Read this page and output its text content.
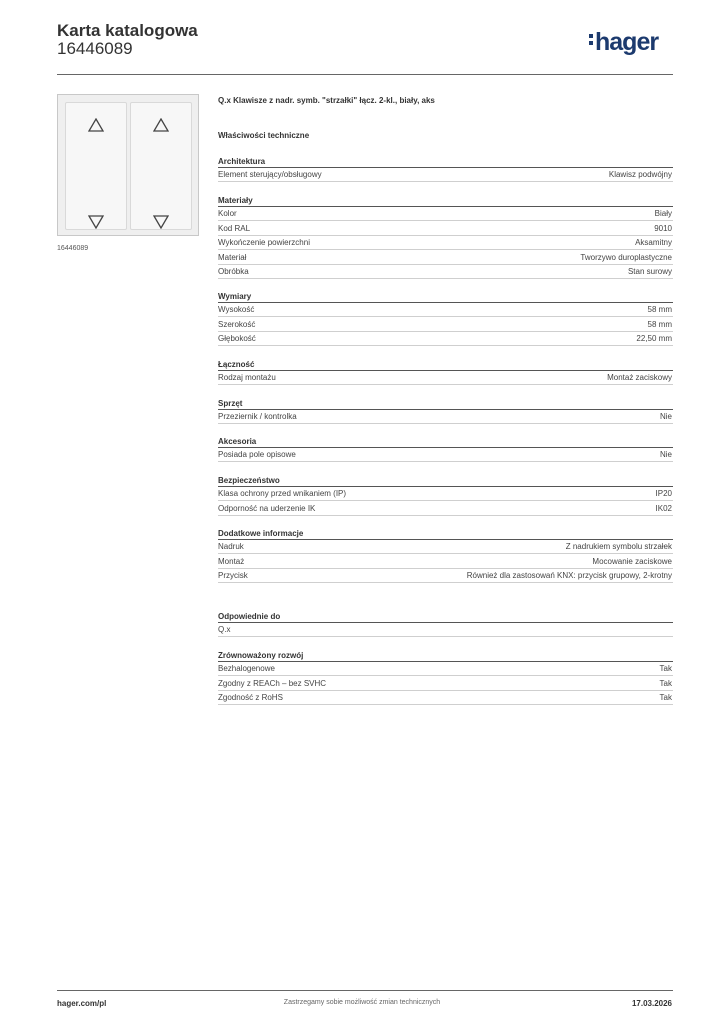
Karta katalogowa
16446089	hager
16446089
Q.x Klawisze z nadr. symb. "strzałki" łącz. 2-kl., biały, aks
Właściwości techniczne
Architektura
Element sterujący/obsługowy	Klawisz podwójny
Materiały
Kolor	Biały
Kod RAL	9010
Wykończenie powierzchni	Aksamitny
Materiał	Tworzywo duroplastyczne
Obróbka	Stan surowy
Wymiary
Wysokość	58 mm
Szerokość	58 mm
Głębokość	22,50 mm
Łączność
Rodzaj montażu	Montaż zaciskowy
Sprzęt
Przeziernik / kontrolka	Nie
Akcesoria
Posiada pole opisowe	Nie
Bezpieczeństwo
Klasa ochrony przed wnikaniem (IP)	IP20
Odporność na uderzenie IK	IK02
Dodatkowe informacje
Nadruk	Z nadrukiem symbolu strzałek
Montaż	Mocowanie zaciskowe
Przycisk	Również dla zastosowań KNX: przycisk grupowy, 2-krotny
Odpowiednie do
Q.x
Zrównoważony rozwój
Bezhalogenowe	Tak
Zgodny z REACh – bez SVHC	Tak
Zgodność z RoHS	Tak
hager.com/pl	Zastrzegamy sobie możliwość zmian technicznych	17.03.2026
